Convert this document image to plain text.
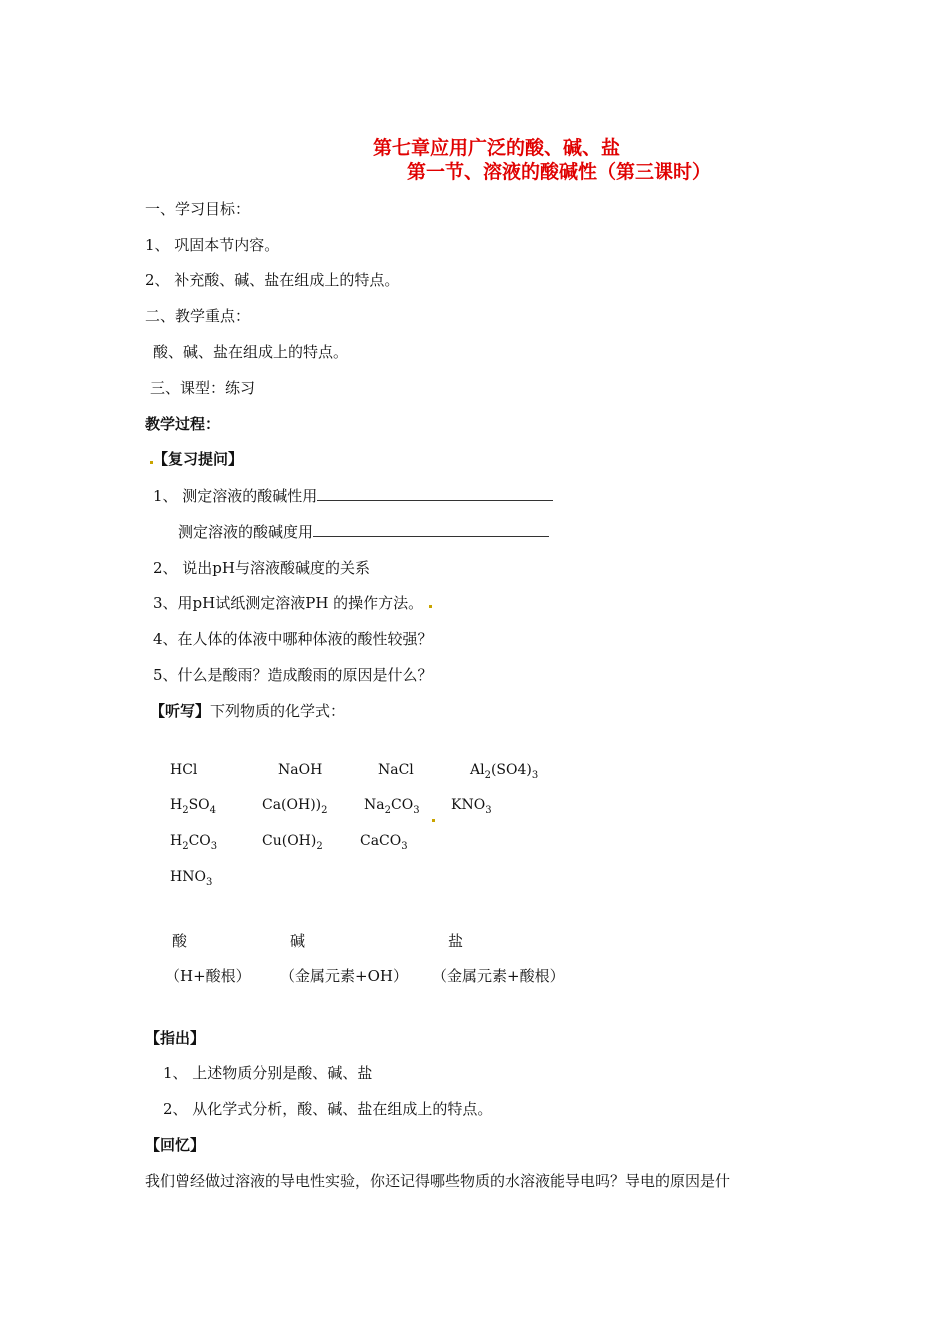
第七章应用广泛的酸、碱、盐
第一节、溶液的酸碱性（第三课时）
一、学习目标：
1、 巩固本节内容。
2、 补充酸、碱、盐在组成上的特点。
二、教学重点：
酸、碱、盐在组成上的特点。
三、课型：练习
教学过程：
【复习提问】
1、 测定溶液的酸碱性用
测定溶液的酸碱度用
2、 说出pH与溶液酸碱度的关系
3、用pH试纸测定溶液PH 的操作方法。
4、在人体的体液中哪种体液的酸性较强？
5、什么是酸雨？造成酸雨的原因是什么？
【听写】下列物质的化学式：
HCl	NaOH	NaCl	$Al_2(SO4)_3$
$H_2SO_4$	$Ca(OH))_2$	$Na_2CO_3$ $KNO_3$
$H_2CO_3$	$Cu(OH)_2$	CaCO$_3$
$HNO_3$
酸	碱	盐
（H+酸根） （金属元素+OH） （金属元素+酸根）
【指出】
1、 上述物质分别是酸、碱、盐
2、 从化学式分析，酸、碱、盐在组成上的特点。
【回忆】
我们曾经做过溶液的导电性实验，你还记得哪些物质的水溶液能导电吗？导电的原因是什
